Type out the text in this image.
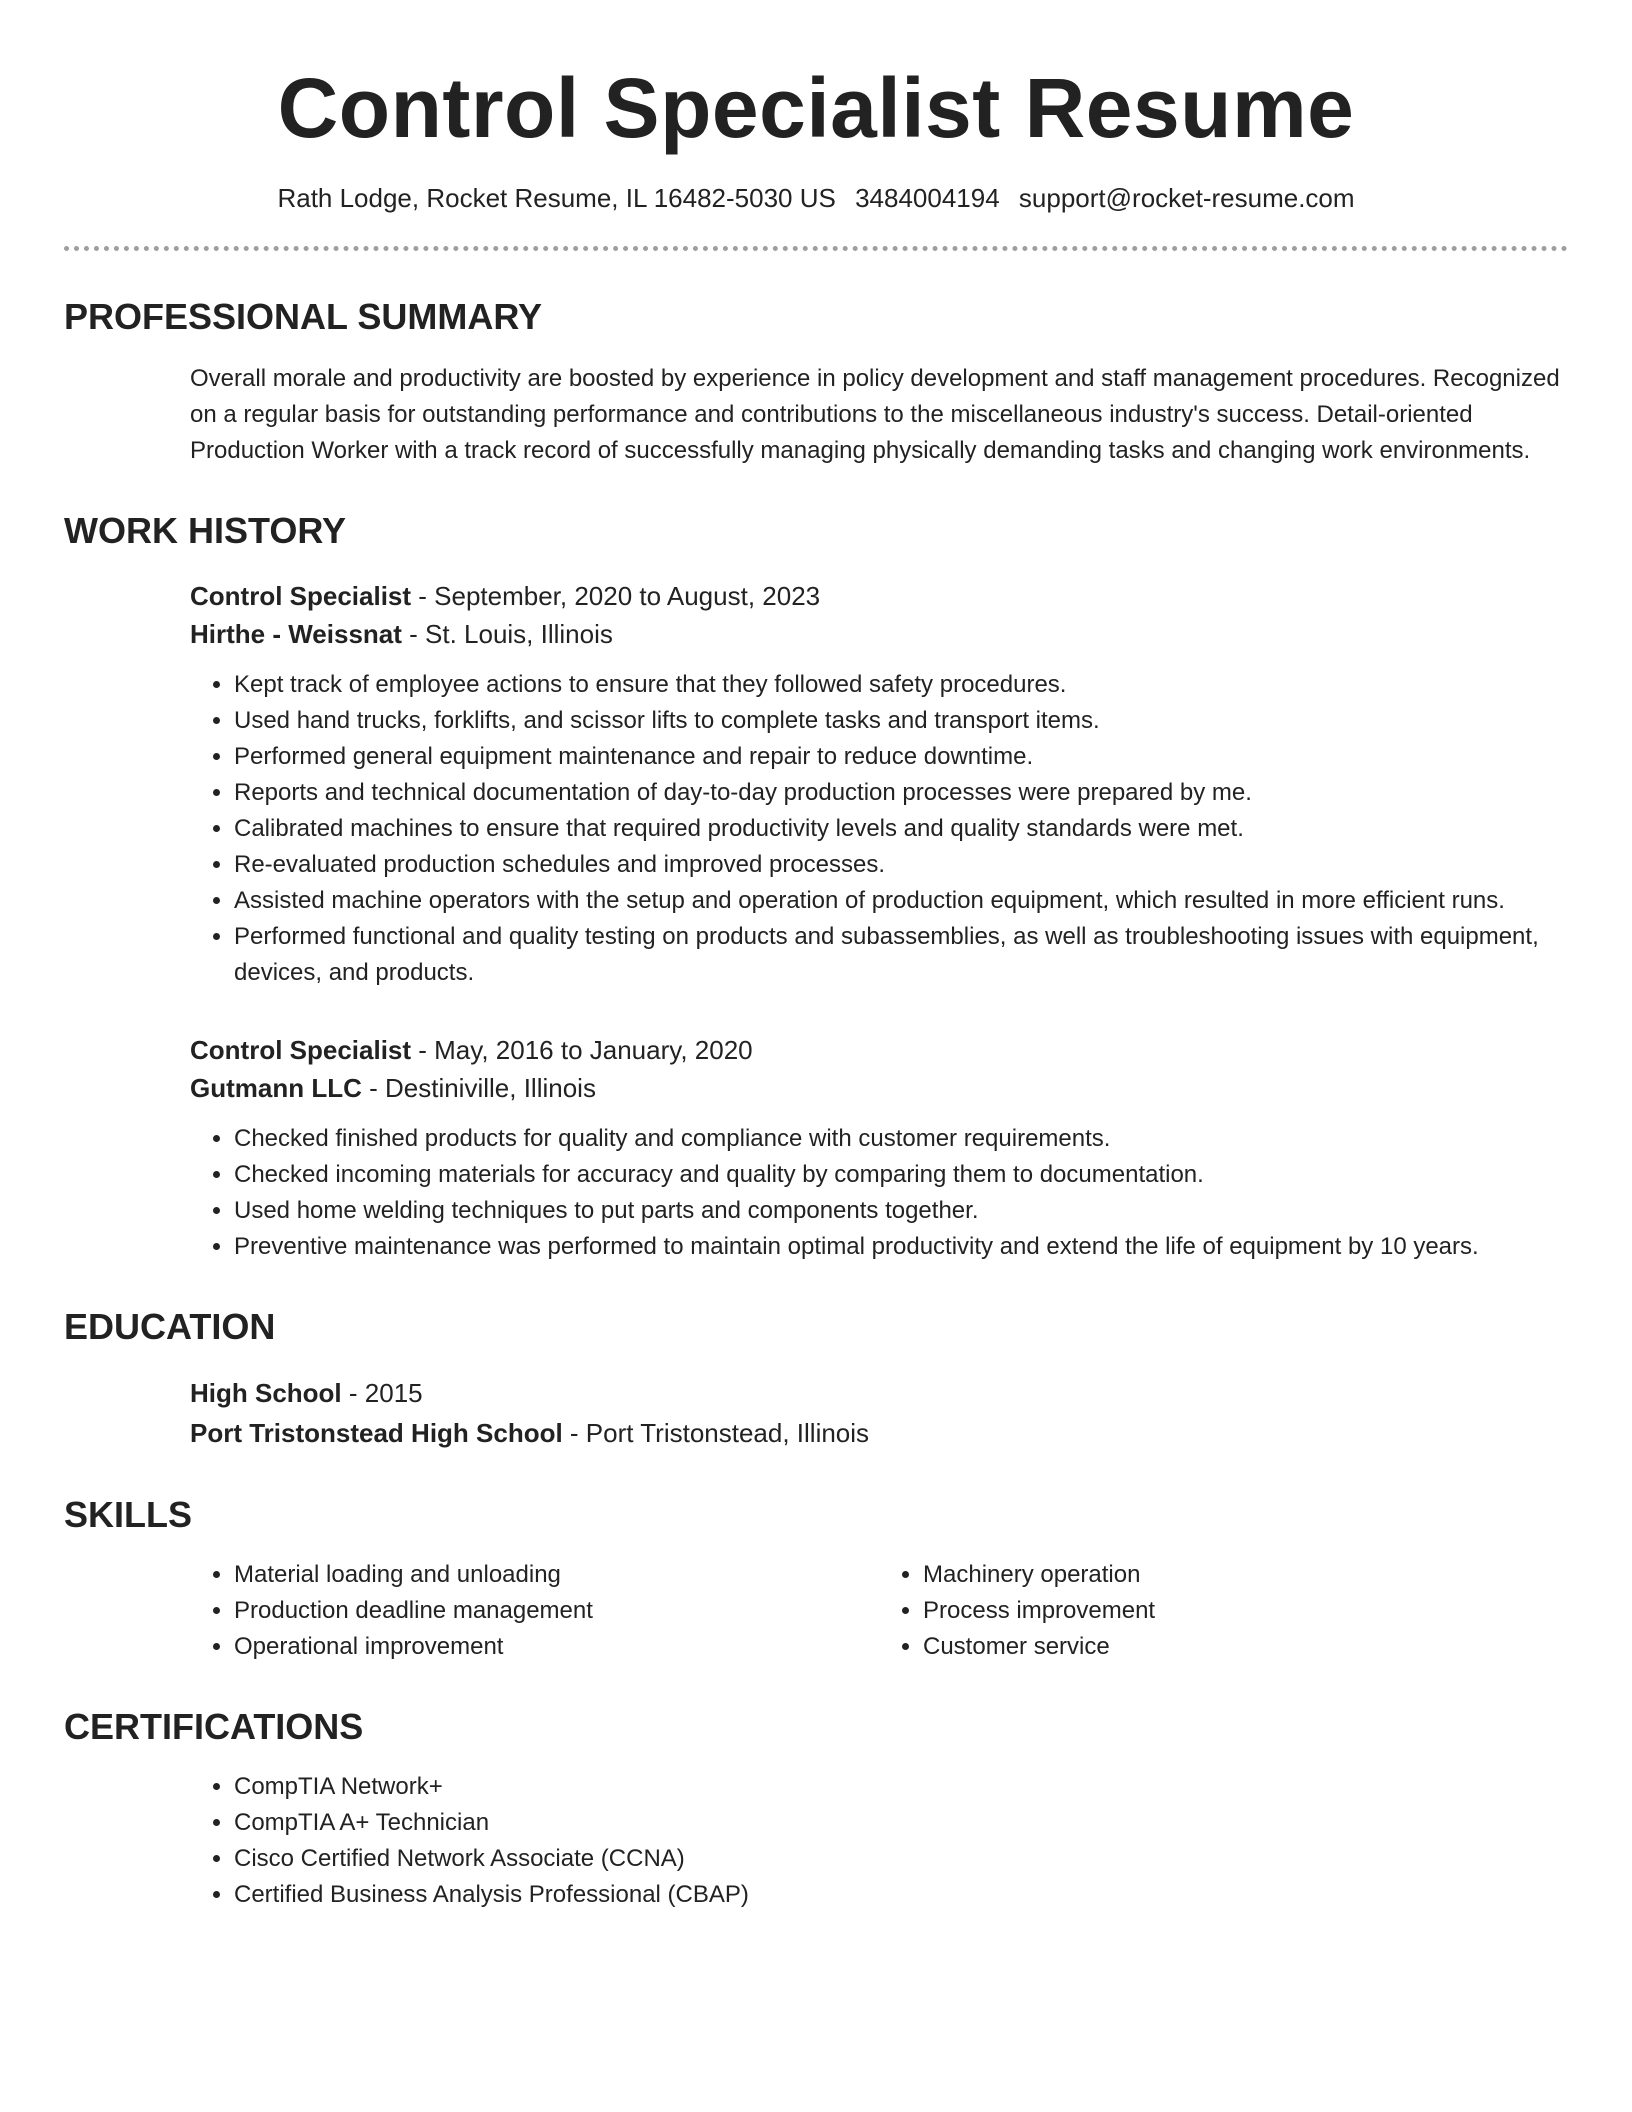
Control Specialist Resume
Rath Lodge, Rocket Resume, IL 16482-5030 US 3484004194 support@rocket-resume.com
PROFESSIONAL SUMMARY

Overall morale and productivity are boosted by experience in policy development and staff management procedures. Recognized on a regular basis for outstanding performance and contributions to the miscellaneous industry's success. Detail-oriented Production Worker with a track record of successfully managing physically demanding tasks and changing work environments.

WORK HISTORY
Control Specialist - September, 2020 to August, 2023
Hirthe - Weissnat - St. Louis, Illinois
• Kept track of employee actions to ensure that they followed safety procedures.
• Used hand trucks, forklifts, and scissor lifts to complete tasks and transport items.
• Performed general equipment maintenance and repair to reduce downtime.
• Reports and technical documentation of day-to-day production processes were prepared by me.
• Calibrated machines to ensure that required productivity levels and quality standards were met.
• Re-evaluated production schedules and improved processes.
• Assisted machine operators with the setup and operation of production equipment, which resulted in more efficient runs.
• Performed functional and quality testing on products and subassemblies, as well as troubleshooting issues with equipment, devices, and products.
Control Specialist - May, 2016 to January, 2020
Gutmann LLC - Destiniville, Illinois
• Checked finished products for quality and compliance with customer requirements.
• Checked incoming materials for accuracy and quality by comparing them to documentation.
• Used home welding techniques to put parts and components together.
• Preventive maintenance was performed to maintain optimal productivity and extend the life of equipment by 10 years.
EDUCATION
High School - 2015
Port Tristonstead High School - Port Tristonstead, Illinois
SKILLS
• Material loading and unloading
• Production deadline management
• Operational improvement
• Machinery operation
• Process improvement
• Customer service
CERTIFICATIONS
• CompTIA Network+
• CompTIA A+ Technician
• Cisco Certified Network Associate (CCNA)
• Certified Business Analysis Professional (CBAP)
